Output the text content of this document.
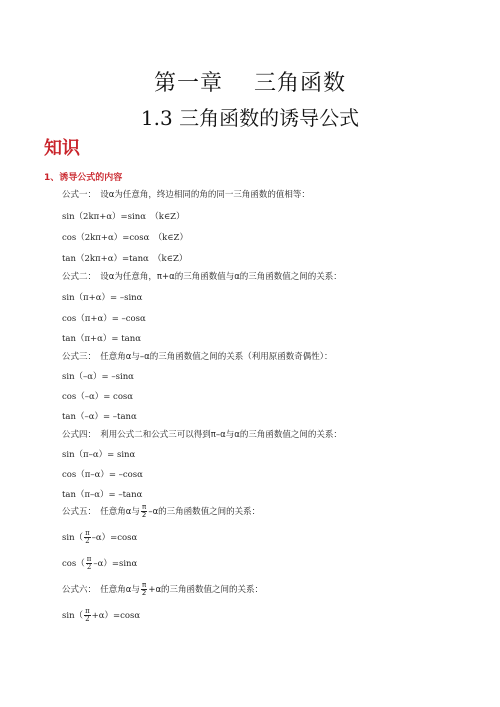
第一章　 三角函数
1.3 三角函数的诱导公式
知识
1、诱导公式的内容
公式一：　设α为任意角，终边相同的角的同一三角函数的值相等：
sin（2kπ+α）=sinα　（k∈Z）
cos（2kπ+α）=cosα　（k∈Z）
tan（2kπ+α）=tanα　（k∈Z）
公式二：　设α为任意角，π+α的三角函数值与α的三角函数值之间的关系：
sin（π+α）= –sinα
cos（π+α）= –cosα
tan（π+α）= tanα
公式三：　任意角α与–α的三角函数值之间的关系（利用原函数奇偶性）：
sin（–α）= –sinα
cos（–α）= cosα
tan（–α）= –tanα
公式四：　利用公式二和公式三可以得到π–α与α的三角函数值之间的关系：
sin（π–α）= sinα
cos（π–α）= –cosα
tan（π–α）= –tanα
公式五：　任意角α与 $\frac{\pi}{2} -\alpha$的三角函数值之间的关系：
$\sin( \frac{\pi}{2} -\alpha)=\cos\alpha$
$\cos( \frac{\pi}{2} -\alpha)=\sin\alpha$
公式六：　任意角α与 $\frac{\pi}{2} +\alpha$的三角函数值之间的关系：
$\sin( \frac{\pi}{2} +\alpha)=\cos\alpha$
